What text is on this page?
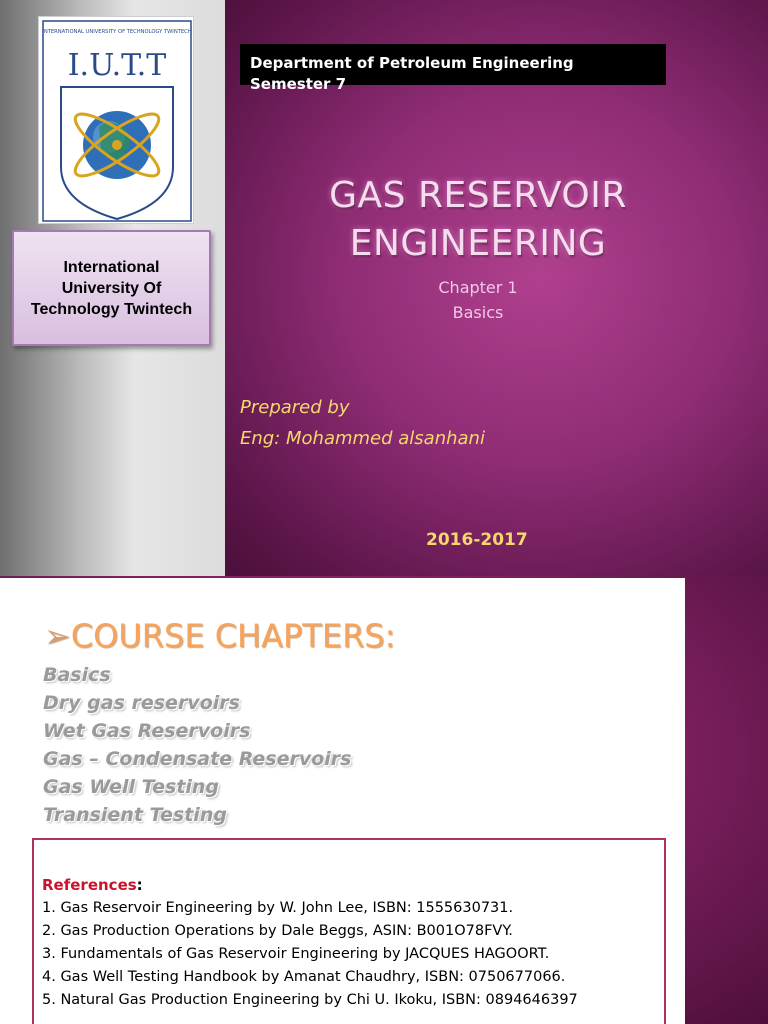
INTERNATIONAL UNIVERSITY OF TECHNOLOGY TWINTECH
I.U.T.T
International University Of Technology Twintech
Department of Petroleum Engineering
Semester 7
GAS RESERVOIR
ENGINEERING
Chapter 1
Basics
Prepared by
Eng: Mohammed alsanhani
2016-2017
➢COURSE CHAPTERS:
Basics
Dry gas reservoirs
Wet Gas Reservoirs
Gas – Condensate Reservoirs
Gas Well Testing
Transient Testing
References:
1. Gas Reservoir Engineering by W. John Lee, ISBN: 1555630731.
2. Gas Production Operations by Dale Beggs, ASIN: B001O78FVY.
3. Fundamentals of Gas Reservoir Engineering by JACQUES HAGOORT.
4. Gas Well Testing Handbook by Amanat Chaudhry, ISBN: 0750677066.
5. Natural Gas Production Engineering by Chi U. Ikoku, ISBN: 0894646397
